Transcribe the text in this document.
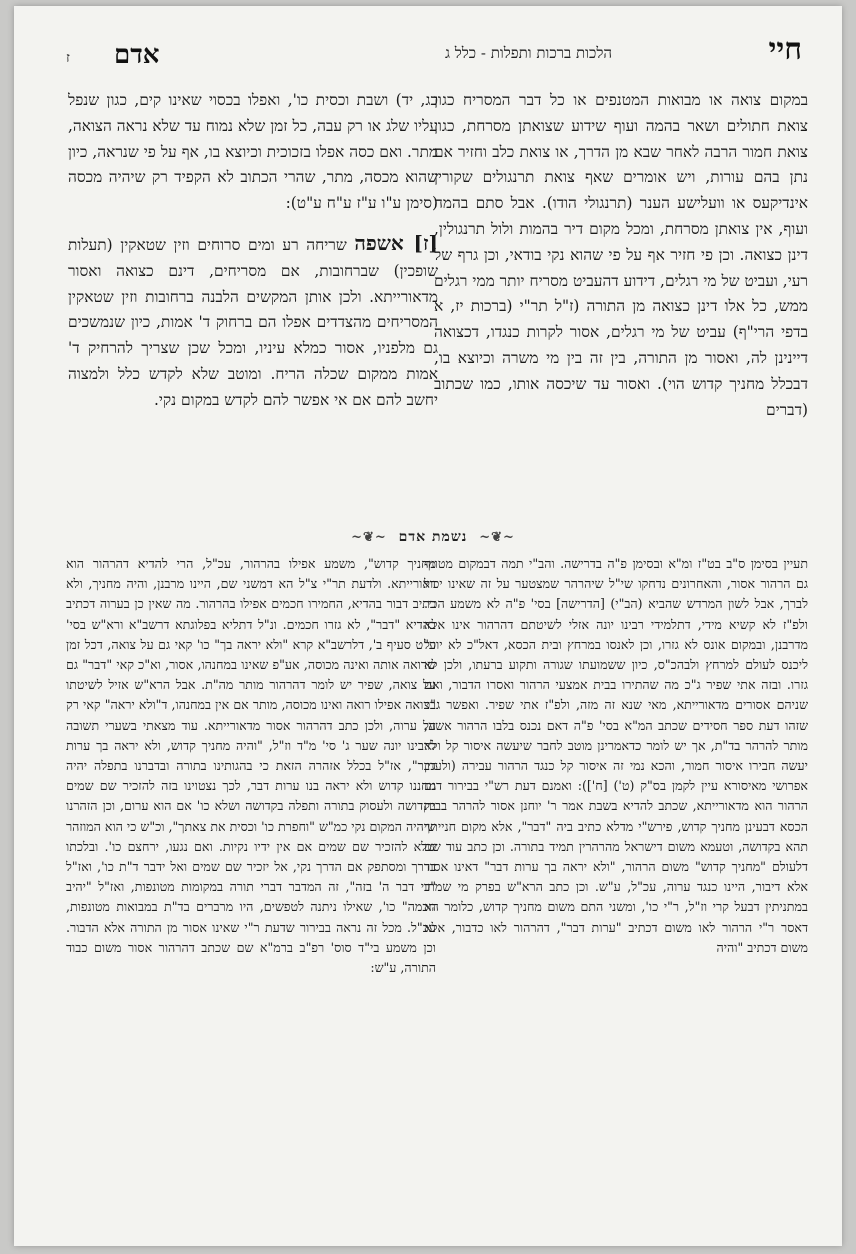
חיי
הלכות ברכות ותפלות - כלל ג
אדם
ז

במקום צואה או מבואות המטנפים או כל דבר המסריח כגון צואת חתולים ושאר בהמה ועוף שידוע שצואתן מסרחת, כגון צואת חמור הרבה לאחר שבא מן הדרך, או צואת כלב וחזיר אם נתן בהם עורות, ויש אומרים שאף צואת תרנגולים שקורין אינדיקעס או וועלישע הענר (תרנגולי הודו). אבל סתם בהמה ועוף, אין צואתן מסרחת, ומכל מקום דיר בהמות ולול תרנגולין, דינן כצואה. וכן פי חזיר אף על פי שהוא נקי בודאי, וכן גרף של רעי, ועביט של מי רגלים, דידוע דהעביט מסריח יותר ממי רגלים ממש, כל אלו דינן כצואה מן התורה (ז"ל תר"י (ברכות יז, א בדפי הרי"ף) עביט של מי רגלים, אסור לקרות כנגדו, דכצואה דיינינן לה, ואסור מן התורה, בין זה בין מי משרה וכיוצא בו, דבכלל מחניך קדוש הוי). ואסור עד שיכסה אותו, כמו שכתוב (דברים

כג, יד) ושבת וכסית כו', ואפלו בכסוי שאינו קים, כגון שנפל עליו שלג או רק עבה, כל זמן שלא נמוח עד שלא נראה הצואה, מתר. ואם כסה אפלו בזכוכית וכיוצא בו, אף על פי שנראה, כיון שהוא מכסה, מתר, שהרי הכתוב לא הקפיד רק שיהיה מכסה (סימן ע"ו ע"ז ע"ח ע"ט):

[ז] אשפה שריחה רע ומים סרוחים וזין שטאקין (תעלות שופכין) שברחובות, אם מסריחים, דינם כצואה ואסור מדאורייתא. ולכן אותן המקשים הלבנה ברחובות וזין שטאקין המסריחים מהצדדים אפלו הם ברחוק ד' אמות, כיון שנמשכים גם מלפניו, אסור כמלא עיניו, ומכל שכן שצריך להרחיק ד' אמות ממקום שכלה הריח. ומוטב שלא לקדש כלל ולמצוה יחשב להם אם אי אפשר להם לקדש במקום נקי.

~❦~ נשמת אדם ~❦~

תעיין בסימן ס"ב בט"ז ומ"א ובסימן פ"ה בדרישה. והב"י תמה דבמקום מטונף גם הרהור אסור, והאחרונים נדחקו שי"ל שיהרהר שמצטער על זה שאינו יכול לברך, אבל לשון המרדש שהביא (הב"י) [הדרישה] בסי' פ"ה לא משמע הכי. ולפ"ז לא קשיא מידי, דתלמידי רבינו יונה אזלי לשיטתם דהרהור אינו אלא מדרבנן, ובמקום אונס לא גזרו, וכן לאנסו במרחץ ובית הכסא, דאל"כ לא יוכל ליכנס לעולם למרחץ ולבהכ"ס, כיון ששמועתו שגורה ותקוע ברעתו, ולכן לא גזרו. ובזה אתי שפיר ג"כ מה שהתירו בבית אמצעי הרהור ואסרו הדבור, ואם שניהם אסורים מדאורייתא, מאי שנא זה מזה, ולפ"ז אתי שפיר. ואפשר ג"כ שזהו דעת ספר חסידים שכתב המ"א בסי' פ"ה דאם נכנס בלבו הרהור אשה, מותר להרהר בד"ת, אך יש לומר כדאמרינן מוטב לחבר שיעשה איסור קל ולא יעשה חבירו איסור חמור, והכא נמי זה איסור קל כנגד הרהור עבירה (ולענין אפרושי מאיסורא עיין לקמן בס"ק (ט') [ח']): ואמנם דעת רש"י בבירור דגם הרהור הוא מדאורייתא, שכתב להדיא בשבת אמר ר' יוחנן אסור להרהר בבית הכסא דבעינן מחניך קדוש, פירש"י מדלא כתיב ביה "דבר", אלא מקום חנייתך תהא בקדושה, וטעמא משום דישראל מהרהרין תמיד בתורה. וכן כתב עוד שם דלעולם "מחניך קדוש" משום הרהור, "ולא יראה בך ערות דבר" דאינו אסור אלא דיבור, היינו כנגד ערוה, עכ"ל, ע"ש. וכן כתב הרא"ש בפרק מי שמתו במתניתין דבעל קרי וז"ל, ר"י כו', ומשני התם משום מחניך קדוש, כלומר הא דאסר ר"י הרהור לאו משום דכתיב "ערות דבר", דהרהור לאו כדבור, אלא משום דכתיב "והיה

מחניך קדוש", משמע אפילו בהרהור, עכ"ל, הרי להדיא דהרהור הוא דאורייתא. ולדעת תר"י צ"ל הא דמשני שם, היינו מרבנן, והיה מחניך, ולא כתיב דבור בהדיא, החמירו חכמים אפילו בהרהור. מה שאין כן בערוה דכתיב בהדיא "דבר", לא גזרו חכמים. ונ"ל דתליא בפלוגתא דרשב"א ורא"ש בסי' ע"ט סעיף ב', דלרשב"א קרא "ולא יראה בך" כו' קאי גם על צואה, דכל זמן שרואה אותה ואינה מכוסה, אע"פ שאינו במחנהו, אסור, וא"כ קאי "דבר" גם על צואה, שפיר יש לומר דהרהור מותר מה"ת. אבל הרא"ש אזיל לשיטתו בצואה אפילו רואה ואינו מכוסה, מותר אם אין במחנהו, ד"ולא יראה" קאי רק על ערוה, ולכן כתב דהרהור אסור מדאורייתא. עוד מצאתי בשערי תשובה לרבינו יונה שער ג' סי' מ"ד וז"ל, "והיה מחניך קדוש, ולא יראה בך ערות דבר", אז"ל בכלל אזהרה הזאת כי בהגותינו בתורה ובדברנו בתפלה יהיה מחננו קדוש ולא יראה בנו ערות דבר, לכך נצטוינו בזה להזכיר שם שמים בקדושה ולעסוק בתורה ותפלה בקדושה ושלא כו' אם הוא ערום, וכן הזהרנו שיהיה המקום נקי כמ"ש "וחפרת כו' וכסית את צאתך", וכ"ש כי הוא המוזהר שלא להזכיר שם שמים אם אין ידיו נקיות. ואם נגעו, ירחצם כו'. ובלכתו בדרך ומסתפק אם הדרך נקי, אל יזכיר שם שמים ואל ידבר ד"ת כו', ואז"ל "כי דבר ה' בזה", זה המדבר דברי תורה במקומות מטונפות, ואז"ל "יהיב חכמה" כו', שאילו ניתנה לטפשים, היו מרברים בד"ת במבואות מטונפות, עכ"ל. מכל זה נראה בבירור שדעת ר"י שאינו אסור מן התורה אלא הדבור. וכן משמע בי"ד סוס' רפ"ב ברמ"א שם שכתב דהרהור אסור משום כבוד התורה, ע"ש:
